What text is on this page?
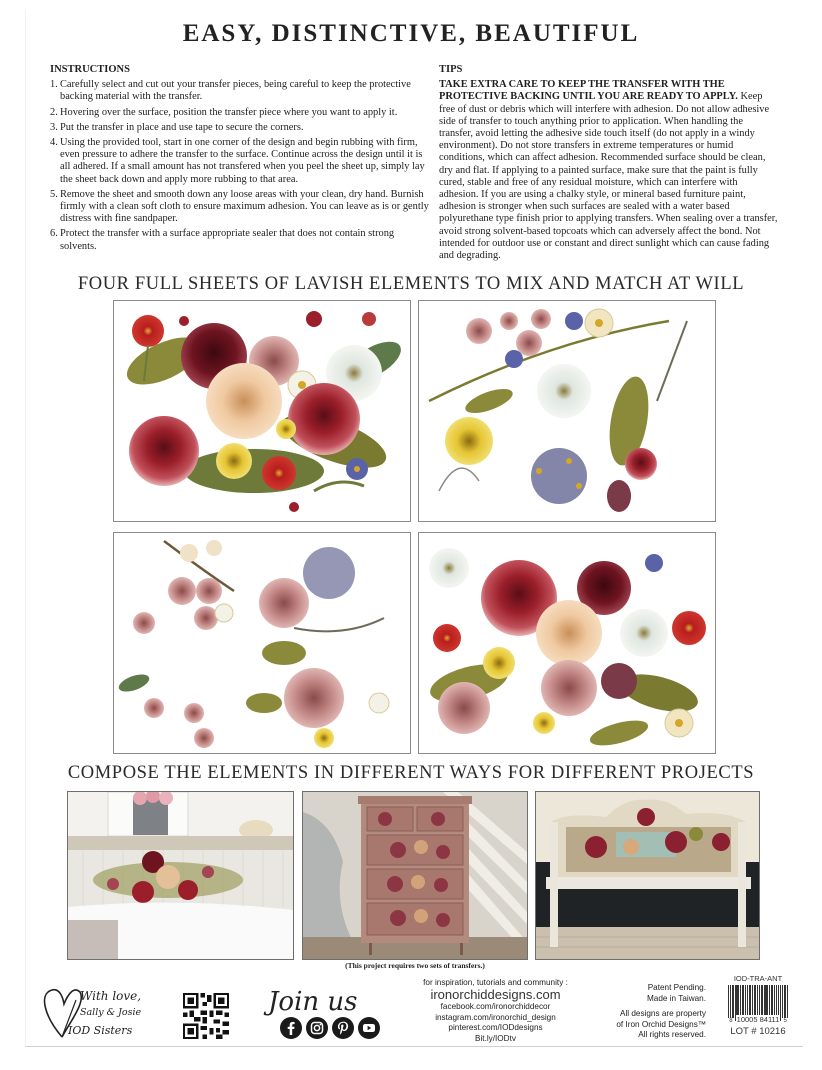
EASY, DISTINCTIVE, BEAUTIFUL
INSTRUCTIONS
1. Carefully select and cut out your transfer pieces, being careful to keep the protective backing material with the transfer.
2. Hovering over the surface, position the transfer piece where you want to apply it.
3. Put the transfer in place and use tape to secure the corners.
4. Using the provided tool, start in one corner of the design and begin rubbing with firm, even pressure to adhere the transfer to the surface. Continue across the design until it is all adhered. If a small amount has not transfered when you peel the sheet up, simply lay the sheet back down and apply more rubbing to that area.
5. Remove the sheet and smooth down any loose areas with your clean, dry hand. Burnish firmly with a clean soft cloth to ensure maximum adhesion. You can leave as is or gently distress with fine sandpaper.
6. Protect the transfer with a surface appropriate sealer that does not contain strong solvents.
TIPS
TAKE EXTRA CARE TO KEEP THE TRANSFER WITH THE PROTECTIVE BACKING UNTIL YOU ARE READY TO APPLY. Keep free of dust or debris which will interfere with adhesion. Do not allow adhesive side of transfer to touch anything prior to application. When handling the transfer, avoid letting the adhesive side touch itself (do not apply in a windy environment). Do not store transfers in extreme temperatures or humid conditions, which can affect adhesion. Recommended surface should be clean, dry and flat. If applying to a painted surface, make sure that the paint is fully cured, stable and free of any residual moisture, which can interfere with adhesion. If you are using a chalky style, or mineral based furniture paint, adhesion is stronger when such surfaces are sealed with a water based polyurethane type finish prior to applying transfers. When sealing over a transfer, avoid strong solvent-based topcoats which can adversely affect the bond. Not intended for outdoor use or constant and direct sunlight which can cause fading and degrading.
FOUR FULL SHEETS OF LAVISH ELEMENTS TO MIX AND MATCH AT WILL
COMPOSE THE ELEMENTS IN DIFFERENT WAYS FOR DIFFERENT PROJECTS
(This project requires two sets of transfers.)
With love,
Sally & Josie
IOD Sisters
Join us
for inspiration, tutorials and community :
ironorchiddesigns.com
facebook.com/ironorchiddecor
instagram.com/ironorchid_design
pinterest.com/IODdesigns
Bit.ly/IODtv
Patent Pending.
Made in Taiwan.
All designs are property
of Iron Orchid Designs™
All rights reserved.
IOD-TRA-ANT
8 10005 84111 5
LOT # 10216
